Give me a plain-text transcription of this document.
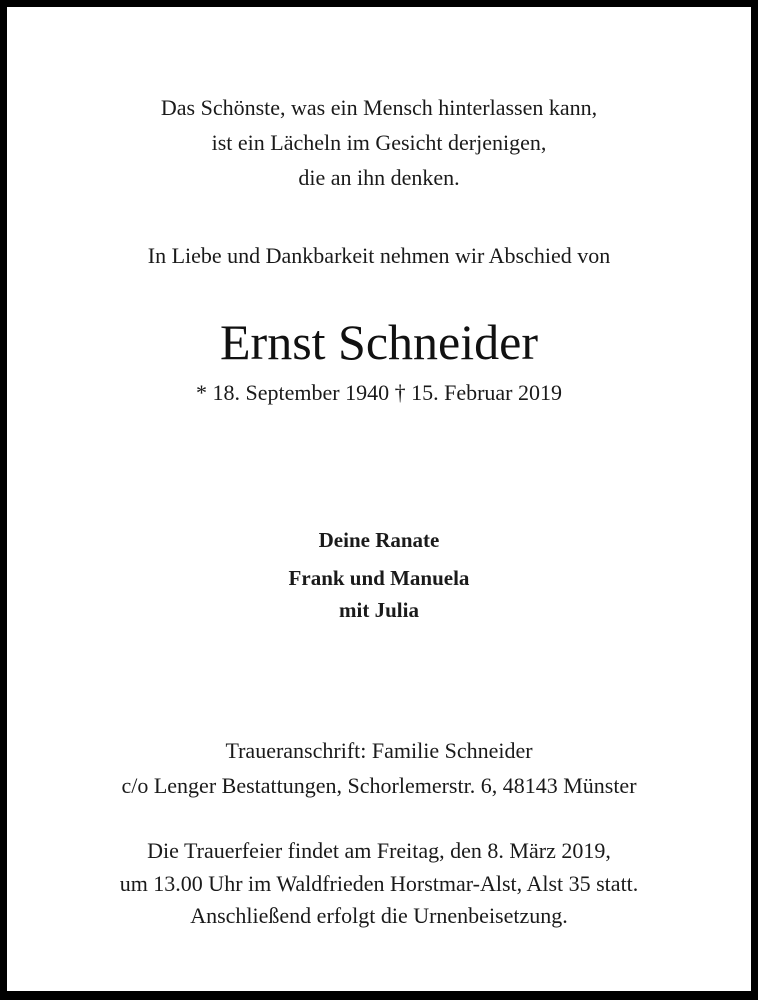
Das Schönste, was ein Mensch hinterlassen kann,
ist ein Lächeln im Gesicht derjenigen,
die an ihn denken.
In Liebe und Dankbarkeit nehmen wir Abschied von
Ernst Schneider
* 18. September 1940 † 15. Februar 2019
Deine Ranate
Frank und Manuela
mit Julia
Traueranschrift: Familie Schneider
c/o Lenger Bestattungen, Schorlemerstr. 6, 48143 Münster
Die Trauerfeier findet am Freitag, den 8. März 2019,
um 13.00 Uhr im Waldfrieden Horstmar-Alst, Alst 35 statt.
Anschließend erfolgt die Urnenbeisetzung.
